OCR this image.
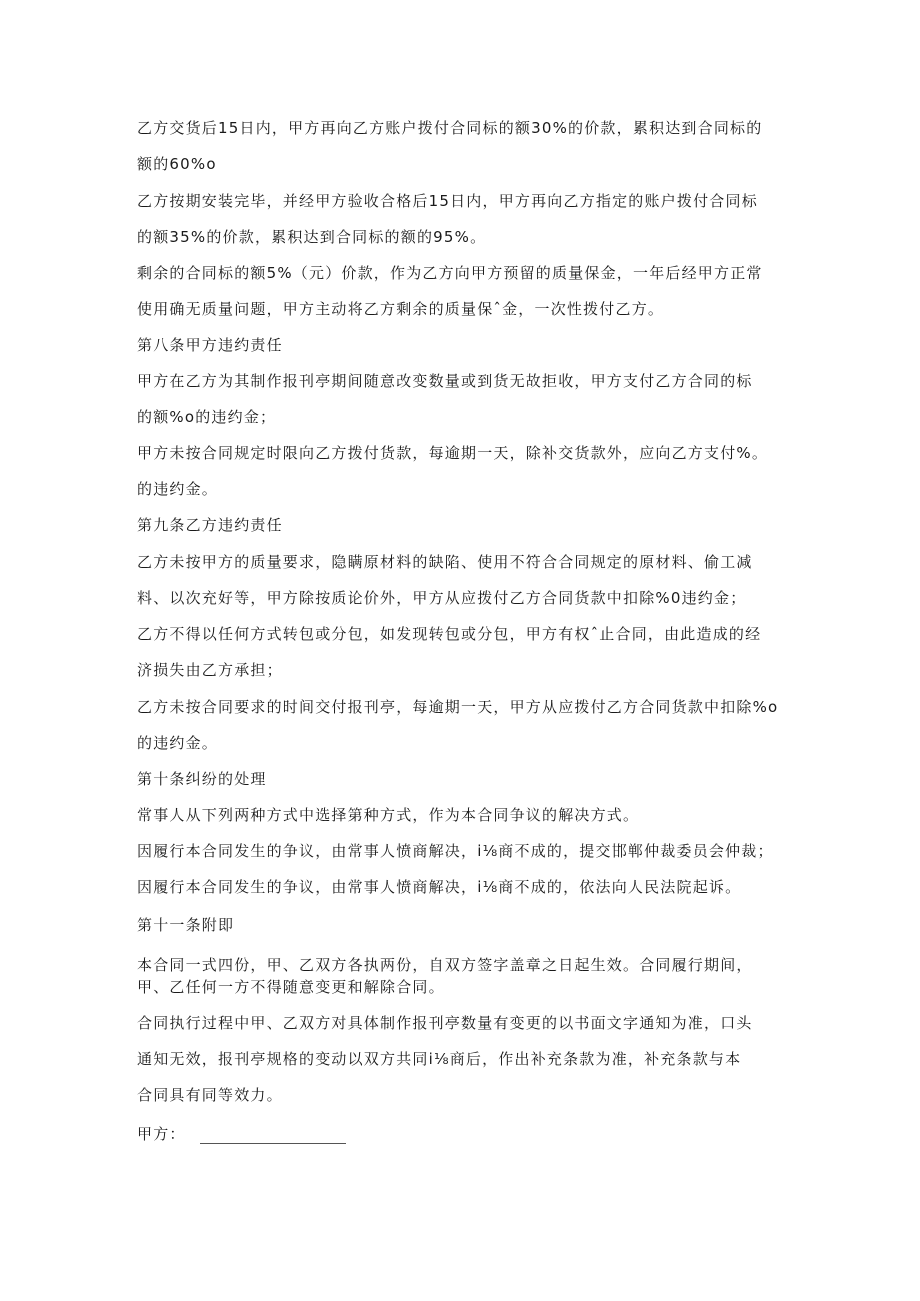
乙方交货后15日内，甲方再向乙方账户拨付合同标的额30%的价款，累积达到合同标的
额的60%o
乙方按期安装完毕，并经甲方验收合格后15日内，甲方再向乙方指定的账户拨付合同标
的额35%的价款，累积达到合同标的额的95%。
剩余的合同标的额5%（元）价款，作为乙方向甲方预留的质量保金，一年后经甲方正常
使用确无质量问题，甲方主动将乙方剩余的质量保ˆ金，一次性拨付乙方。
第八条甲方违约责任
甲方在乙方为其制作报刊亭期间随意改变数量或到货无故拒收，甲方支付乙方合同的标
的额%o的违约金；
甲方未按合同规定时限向乙方拨付货款，每逾期一天，除补交货款外，应向乙方支付%。
的违约金。
第九条乙方违约责任
乙方未按甲方的质量要求，隐瞒原材料的缺陷、使用不符合合同规定的原材料、偷工减
料、以次充好等，甲方除按质论价外，甲方从应拨付乙方合同货款中扣除%0违约金；
乙方不得以任何方式转包或分包，如发现转包或分包，甲方有权ˆ止合同，由此造成的经
济损失由乙方承担；
乙方未按合同要求的时间交付报刊亭，每逾期一天，甲方从应拨付乙方合同货款中扣除%o
的违约金。
第十条纠纷的处理
常事人从下列两种方式中选择第种方式，作为本合同争议的解决方式。
因履行本合同发生的争议，由常事人愤商解决，i⅛商不成的，提交邯郸仲裁委员会仲裁；
因履行本合同发生的争议，由常事人愤商解决，i⅛商不成的，依法向人民法院起诉。
第十一条附即
本合同一式四份，甲、乙双方各执两份，自双方签字盖章之日起生效。合同履行期间，
甲、乙任何一方不得随意变更和解除合同。
合同执行过程中甲、乙双方对具体制作报刊亭数量有变更的以书面文字通知为准，口头
通知无效，报刊亭规格的变动以双方共同i⅛商后，作出补充条款为准，补充条款与本
合同具有同等效力。
甲方：
